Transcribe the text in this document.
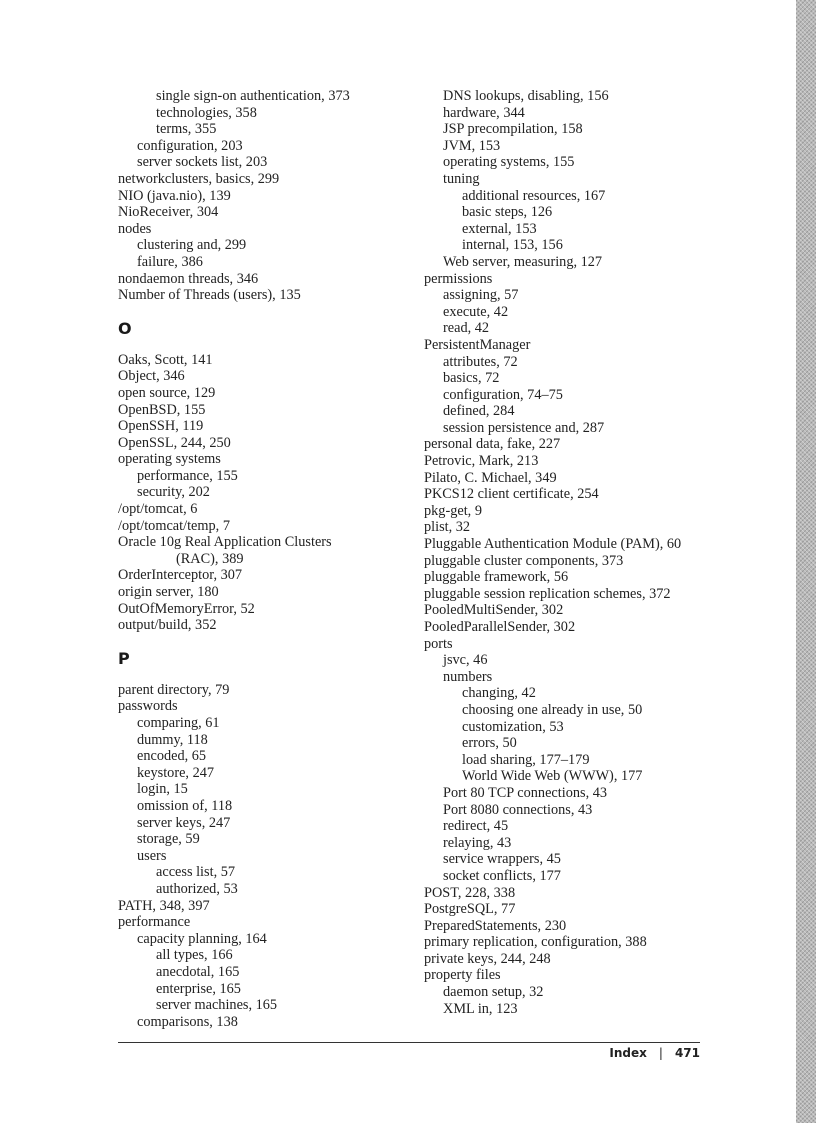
single sign-on authentication, 373
technologies, 358
terms, 355
configuration, 203
server sockets list, 203
networkclusters, basics, 299
NIO (java.nio), 139
NioReceiver, 304
nodes
clustering and, 299
failure, 386
nondaemon threads, 346
Number of Threads (users), 135
O
Oaks, Scott, 141
Object, 346
open source, 129
OpenBSD, 155
OpenSSH, 119
OpenSSL, 244, 250
operating systems
performance, 155
security, 202
/opt/tomcat, 6
/opt/tomcat/temp, 7
Oracle 10g Real Application Clusters
(RAC), 389
OrderInterceptor, 307
origin server, 180
OutOfMemoryError, 52
output/build, 352
P
parent directory, 79
passwords
comparing, 61
dummy, 118
encoded, 65
keystore, 247
login, 15
omission of, 118
server keys, 247
storage, 59
users
access list, 57
authorized, 53
PATH, 348, 397
performance
capacity planning, 164
all types, 166
anecdotal, 165
enterprise, 165
server machines, 165
comparisons, 138
DNS lookups, disabling, 156
hardware, 344
JSP precompilation, 158
JVM, 153
operating systems, 155
tuning
additional resources, 167
basic steps, 126
external, 153
internal, 153, 156
Web server, measuring, 127
permissions
assigning, 57
execute, 42
read, 42
PersistentManager
attributes, 72
basics, 72
configuration, 74–75
defined, 284
session persistence and, 287
personal data, fake, 227
Petrovic, Mark, 213
Pilato, C. Michael, 349
PKCS12 client certificate, 254
pkg-get, 9
plist, 32
Pluggable Authentication Module (PAM), 60
pluggable cluster components, 373
pluggable framework, 56
pluggable session replication schemes, 372
PooledMultiSender, 302
PooledParallelSender, 302
ports
jsvc, 46
numbers
changing, 42
choosing one already in use, 50
customization, 53
errors, 50
load sharing, 177–179
World Wide Web (WWW), 177
Port 80 TCP connections, 43
Port 8080 connections, 43
redirect, 45
relaying, 43
service wrappers, 45
socket conflicts, 177
POST, 228, 338
PostgreSQL, 77
PreparedStatements, 230
primary replication, configuration, 388
private keys, 244, 248
property files
daemon setup, 32
XML in, 123
Index | 471
